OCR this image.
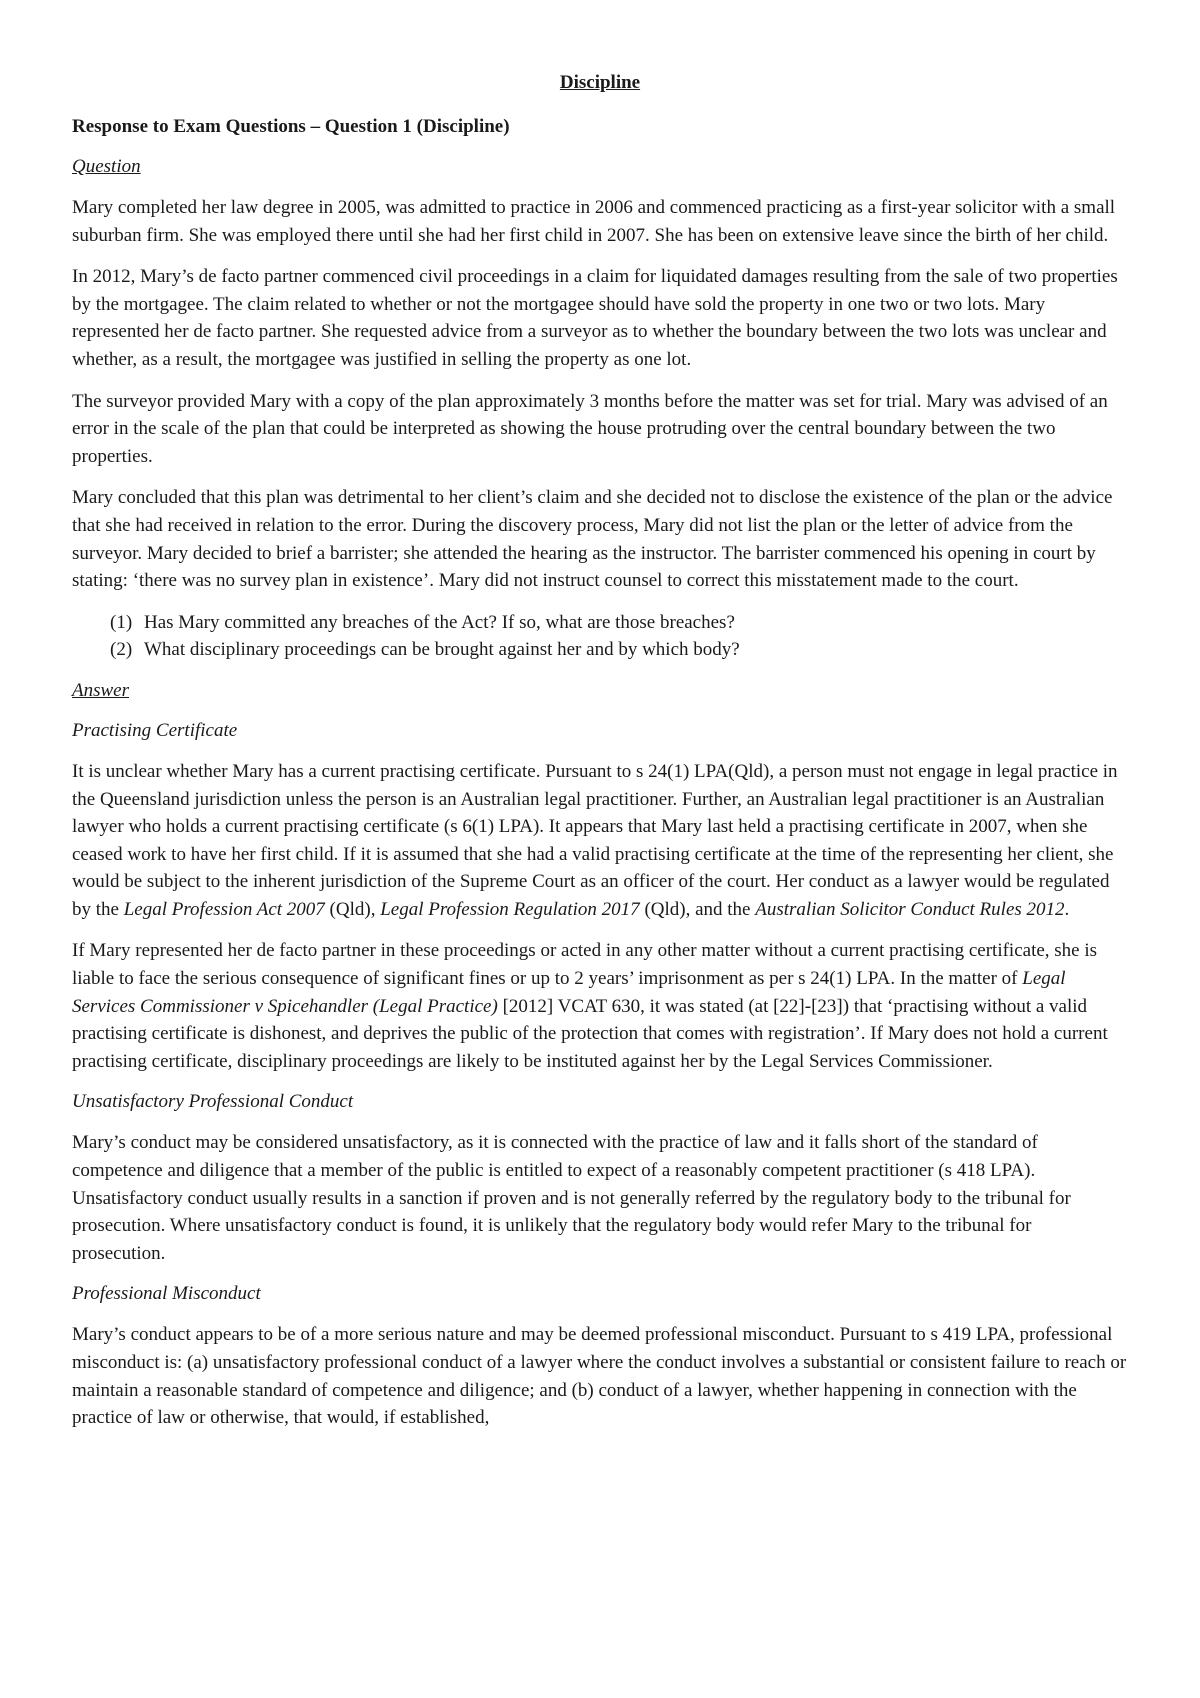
Discipline
Response to Exam Questions – Question 1 (Discipline)
Question

Mary completed her law degree in 2005, was admitted to practice in 2006 and commenced practicing as a first-year solicitor with a small suburban firm. She was employed there until she had her first child in 2007. She has been on extensive leave since the birth of her child.

In 2012, Mary’s de facto partner commenced civil proceedings in a claim for liquidated damages resulting from the sale of two properties by the mortgagee. The claim related to whether or not the mortgagee should have sold the property in one two or two lots. Mary represented her de facto partner. She requested advice from a surveyor as to whether the boundary between the two lots was unclear and whether, as a result, the mortgagee was justified in selling the property as one lot.

The surveyor provided Mary with a copy of the plan approximately 3 months before the matter was set for trial. Mary was advised of an error in the scale of the plan that could be interpreted as showing the house protruding over the central boundary between the two properties.

Mary concluded that this plan was detrimental to her client’s claim and she decided not to disclose the existence of the plan or the advice that she had received in relation to the error. During the discovery process, Mary did not list the plan or the letter of advice from the surveyor. Mary decided to brief a barrister; she attended the hearing as the instructor. The barrister commenced his opening in court by stating: ‘there was no survey plan in existence’. Mary did not instruct counsel to correct this misstatement made to the court.

(1) Has Mary committed any breaches of the Act? If so, what are those breaches?
(2) What disciplinary proceedings can be brought against her and by which body?
Answer
Practising Certificate

It is unclear whether Mary has a current practising certificate. Pursuant to s 24(1) LPA(Qld), a person must not engage in legal practice in the Queensland jurisdiction unless the person is an Australian legal practitioner. Further, an Australian legal practitioner is an Australian lawyer who holds a current practising certificate (s 6(1) LPA). It appears that Mary last held a practising certificate in 2007, when she ceased work to have her first child. If it is assumed that she had a valid practising certificate at the time of the representing her client, she would be subject to the inherent jurisdiction of the Supreme Court as an officer of the court. Her conduct as a lawyer would be regulated by the Legal Profession Act 2007 (Qld), Legal Profession Regulation 2017 (Qld), and the Australian Solicitor Conduct Rules 2012.

If Mary represented her de facto partner in these proceedings or acted in any other matter without a current practising certificate, she is liable to face the serious consequence of significant fines or up to 2 years’ imprisonment as per s 24(1) LPA. In the matter of Legal Services Commissioner v Spicehandler (Legal Practice) [2012] VCAT 630, it was stated (at [22]-[23]) that ‘practising without a valid practising certificate is dishonest, and deprives the public of the protection that comes with registration’. If Mary does not hold a current practising certificate, disciplinary proceedings are likely to be instituted against her by the Legal Services Commissioner.

Unsatisfactory Professional Conduct

Mary’s conduct may be considered unsatisfactory, as it is connected with the practice of law and it falls short of the standard of competence and diligence that a member of the public is entitled to expect of a reasonably competent practitioner (s 418 LPA). Unsatisfactory conduct usually results in a sanction if proven and is not generally referred by the regulatory body to the tribunal for prosecution. Where unsatisfactory conduct is found, it is unlikely that the regulatory body would refer Mary to the tribunal for prosecution.

Professional Misconduct

Mary’s conduct appears to be of a more serious nature and may be deemed professional misconduct. Pursuant to s 419 LPA, professional misconduct is: (a) unsatisfactory professional conduct of a lawyer where the conduct involves a substantial or consistent failure to reach or maintain a reasonable standard of competence and diligence; and (b) conduct of a lawyer, whether happening in connection with the practice of law or otherwise, that would, if established,
